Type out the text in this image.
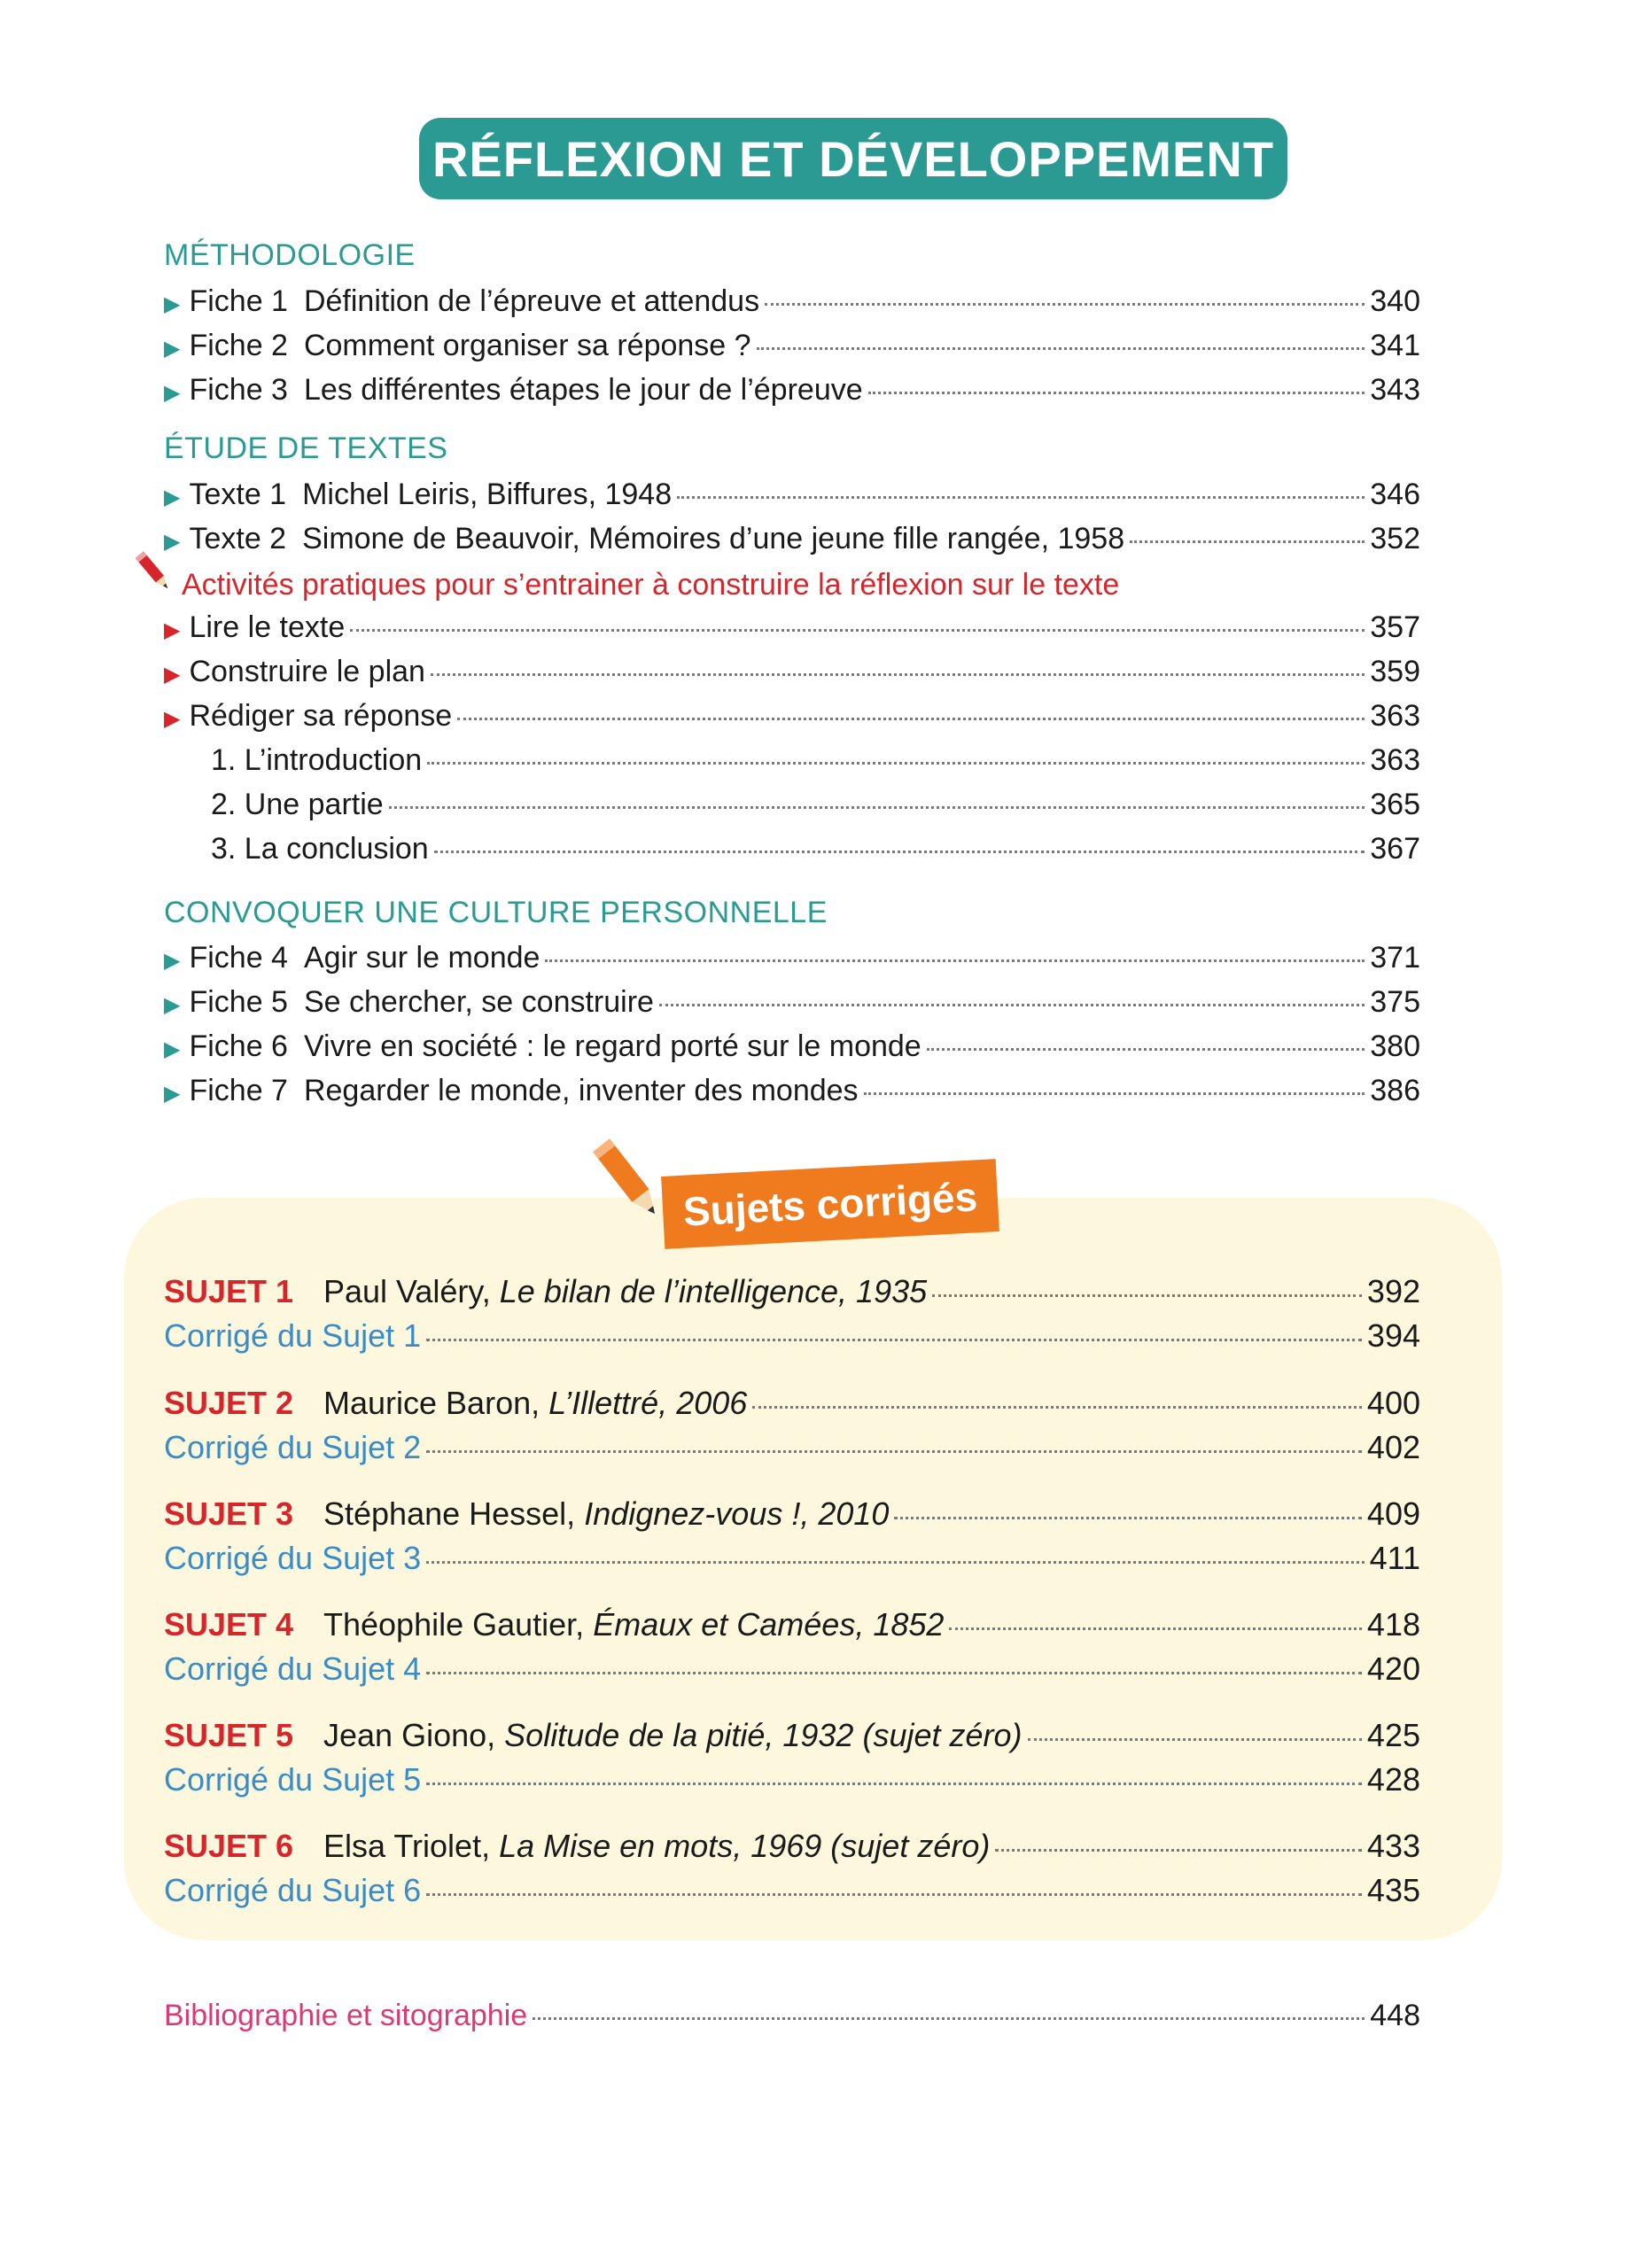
RÉFLEXION ET DÉVELOPPEMENT
MÉTHODOLOGIE
▶ Fiche 1 Définition de l’épreuve et attendus	340
▶ Fiche 2 Comment organiser sa réponse ?	341
▶ Fiche 3 Les différentes étapes le jour de l’épreuve	343
ÉTUDE DE TEXTES
▶ Texte 1 Michel Leiris, Biffures, 1948	346
▶ Texte 2 Simone de Beauvoir, Mémoires d’une jeune fille rangée, 1958	352
Activités pratiques pour s’entrainer à construire la réflexion sur le texte
▶ Lire le texte	357
▶ Construire le plan	359
▶ Rédiger sa réponse	363
1. L’introduction	363
2. Une partie	365
3. La conclusion	367
CONVOQUER UNE CULTURE PERSONNELLE
▶ Fiche 4 Agir sur le monde	371
▶ Fiche 5 Se chercher, se construire	375
▶ Fiche 6 Vivre en société : le regard porté sur le monde	380
▶ Fiche 7 Regarder le monde, inventer des mondes	386
Sujets corrigés
SUJET 1 Paul Valéry, Le bilan de l’intelligence, 1935	392
Corrigé du Sujet 1	394
SUJET 2 Maurice Baron, L’Illettré, 2006	400
Corrigé du Sujet 2	402
SUJET 3 Stéphane Hessel, Indignez-vous !, 2010	409
Corrigé du Sujet 3	411
SUJET 4 Théophile Gautier, Émaux et Camées, 1852	418
Corrigé du Sujet 4	420
SUJET 5 Jean Giono, Solitude de la pitié, 1932 (sujet zéro)	425
Corrigé du Sujet 5	428
SUJET 6 Elsa Triolet, La Mise en mots, 1969 (sujet zéro)	433
Corrigé du Sujet 6	435
Bibliographie et sitographie	448
